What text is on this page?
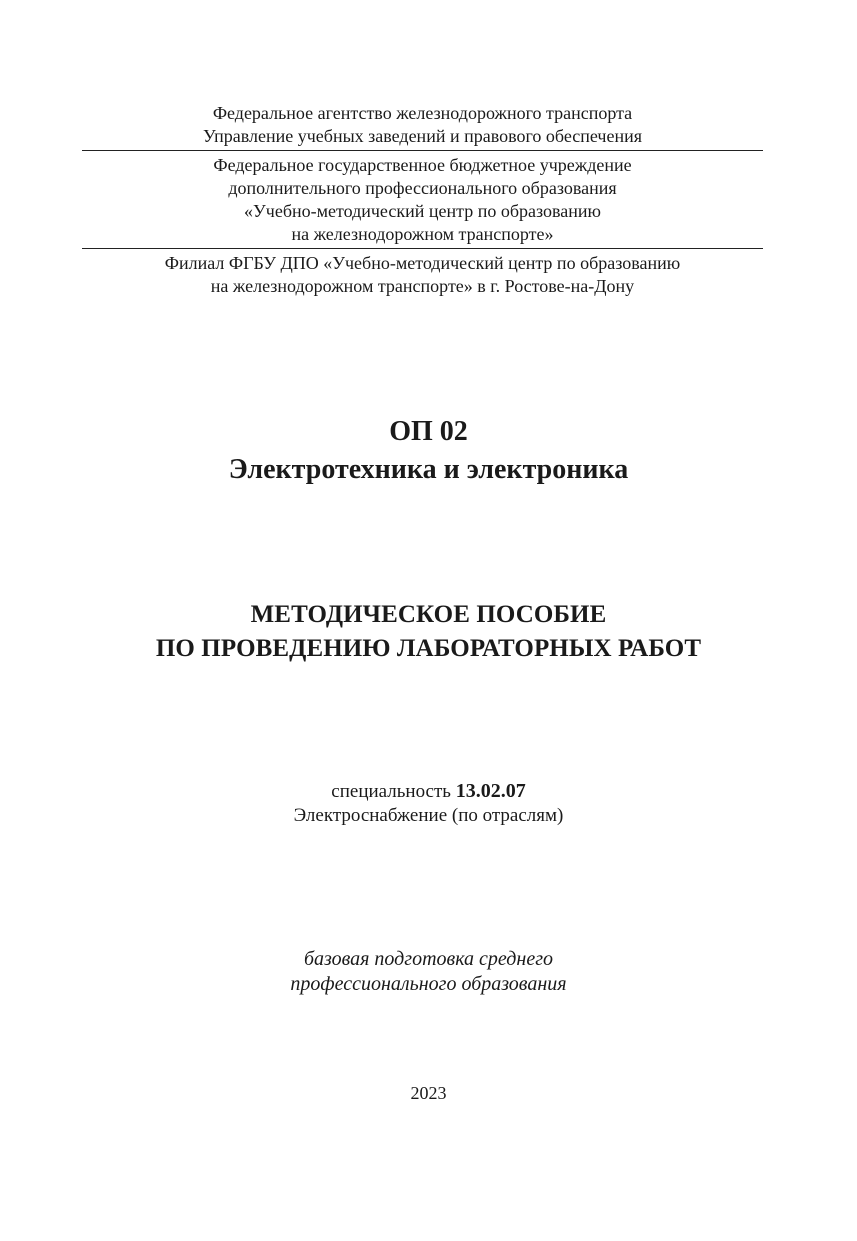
Федеральное агентство железнодорожного транспорта
Управление учебных заведений и правового обеспечения
Федеральное государственное бюджетное учреждение
дополнительного профессионального образования
«Учебно-методический центр по образованию
на железнодорожном транспорте»
Филиал ФГБУ ДПО «Учебно-методический центр по образованию
на железнодорожном транспорте» в г. Ростове-на-Дону
ОП 02
Электротехника и электроника
МЕТОДИЧЕСКОЕ ПОСОБИЕ
ПО ПРОВЕДЕНИЮ ЛАБОРАТОРНЫХ РАБОТ
специальность 13.02.07
Электроснабжение (по отраслям)
базовая подготовка среднего
профессионального образования
2023
